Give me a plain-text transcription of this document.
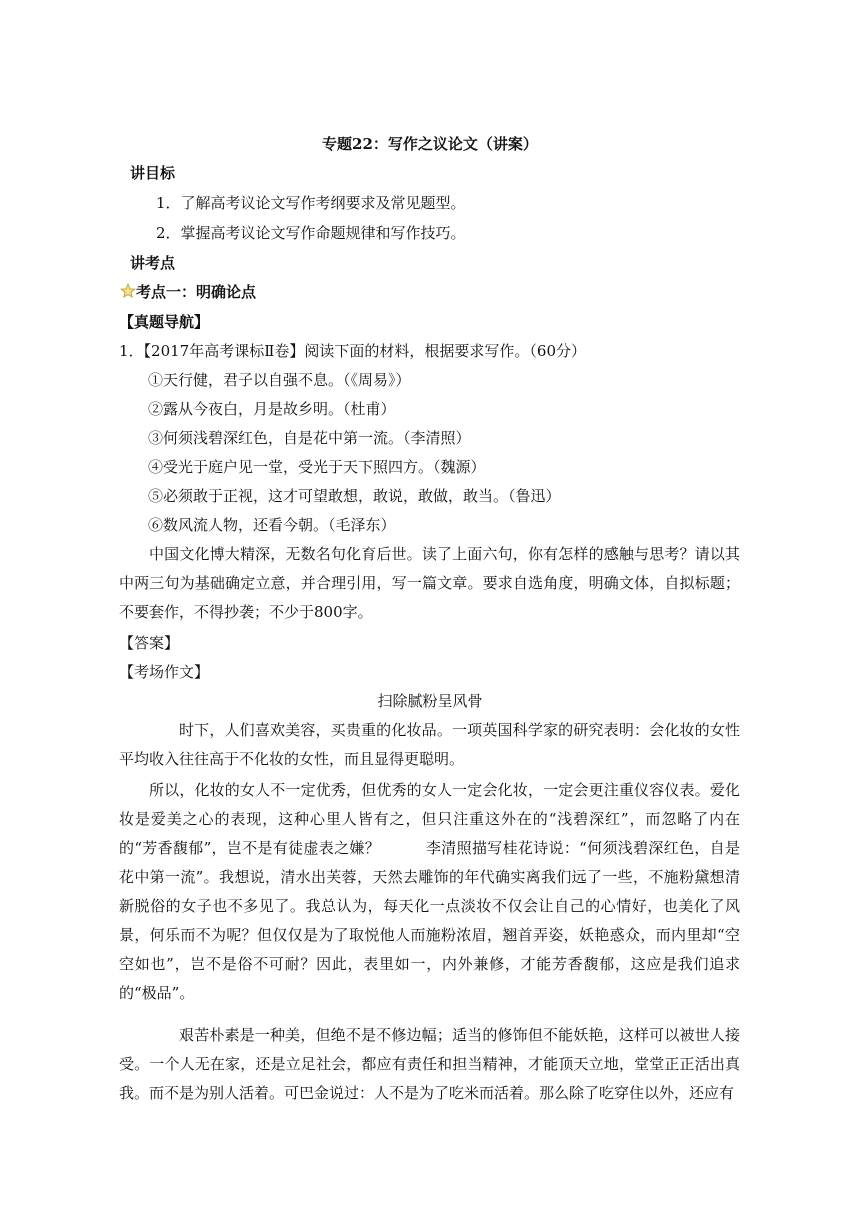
专题22：写作之议论文（讲案）
讲目标
1．了解高考议论文写作考纲要求及常见题型。
2．掌握高考议论文写作命题规律和写作技巧。
讲考点
考点一：明确论点
【真题导航】
1．【2017年高考课标Ⅱ卷】阅读下面的材料，根据要求写作。（60分）
①天行健，君子以自强不息。（《周易》）
②露从今夜白，月是故乡明。（杜甫）
③何须浅碧深红色，自是花中第一流。（李清照）
④受光于庭户见一堂，受光于天下照四方。（魏源）
⑤必须敢于正视，这才可望敢想，敢说，敢做，敢当。（鲁迅）
⑥数风流人物，还看今朝。（毛泽东）
中国文化博大精深，无数名句化育后世。读了上面六句，你有怎样的感触与思考？请以其中两三句为基础确定立意，并合理引用，写一篇文章。要求自选角度，明确文体，自拟标题；不要套作，不得抄袭；不少于800字。
【答案】
【考场作文】
扫除腻粉呈风骨
时下，人们喜欢美容，买贵重的化妆品。一项英国科学家的研究表明：会化妆的女性平均收入往往高于不化妆的女性，而且显得更聪明。
所以，化妆的女人不一定优秀，但优秀的女人一定会化妆，一定会更注重仪容仪表。爱化妆是爱美之心的表现，这种心里人皆有之，但只注重这外在的“浅碧深红”，而忽略了内在的“芳香馥郁”，岂不是有徒虚表之嫌？　　　李清照描写桂花诗说：“何须浅碧深红色，自是花中第一流”。我想说，清水出芙蓉，天然去雕饰的年代确实离我们远了一些，不施粉黛想清新脱俗的女子也不多见了。我总认为，每天化一点淡妆不仅会让自己的心情好，也美化了风景，何乐而不为呢？但仅仅是为了取悦他人而施粉浓眉，翘首弄姿，妖艳惑众，而内里却“空空如也”，岂不是俗不可耐？因此，表里如一，内外兼修，才能芳香馥郁，这应是我们追求的“极品”。
艰苦朴素是一种美，但绝不是不修边幅；适当的修饰但不能妖艳，这样可以被世人接受。一个人无在家，还是立足社会，都应有责任和担当精神，才能顶天立地，堂堂正正活出真我。而不是为别人活着。可巴金说过：人不是为了吃米而活着。那么除了吃穿住以外，还应有
